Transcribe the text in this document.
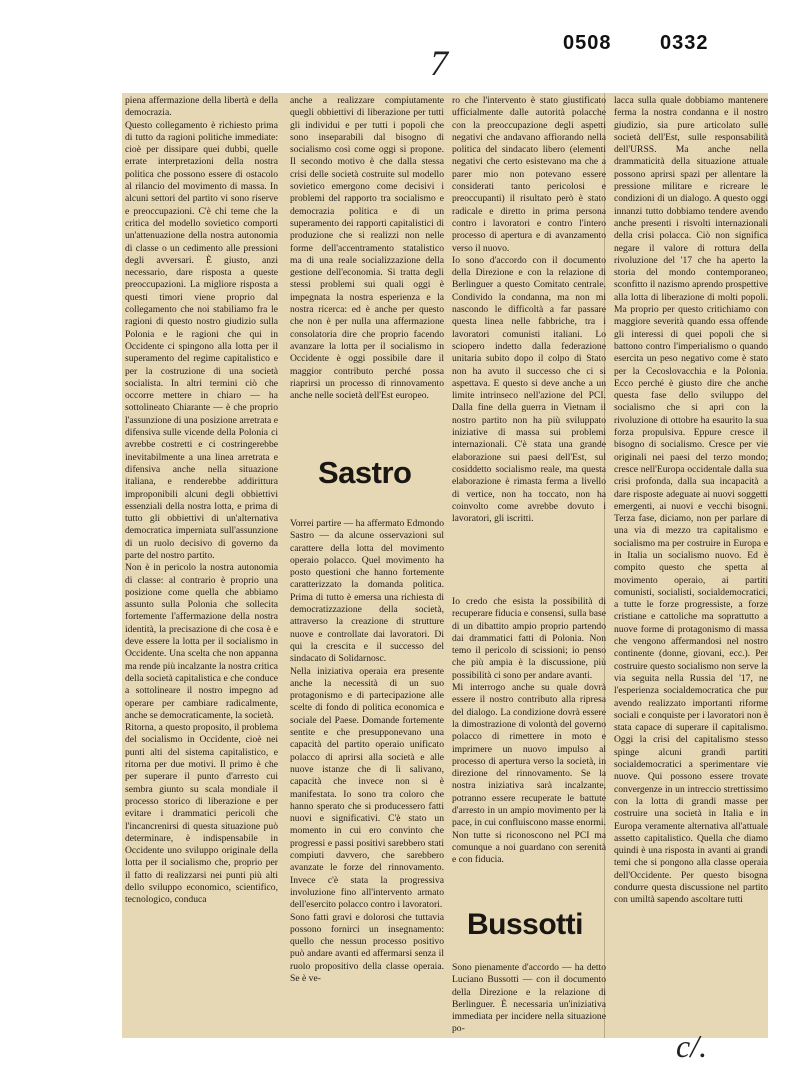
0508 0332
7
c/.

piena affermazione della libertà e della democrazia.
Questo collegamento è richiesto prima di tutto da ragioni politiche immediate: cioè per dissipare quei dubbi, quelle errate interpretazioni della nostra politica che possono essere di ostacolo al rilancio del movimento di massa. In alcuni settori del partito vi sono riserve e preoccupazioni. C'è chi teme che la critica del modello sovietico comporti un'attenuazione della nostra autonomia di classe o un cedimento alle pressioni degli avversari. È giusto, anzi necessario, dare risposta a queste preoccupazioni. La migliore risposta a questi timori viene proprio dal collegamento che noi stabiliamo fra le ragioni di questo nostro giudizio sulla Polonia e le ragioni che qui in Occidente ci spingono alla lotta per il superamento del regime capitalistico e per la costruzione di una società socialista. In altri termini ciò che occorre mettere in chiaro — ha sottolineato Chiarante — è che proprio l'assunzione di una posizione arretrata e difensiva sulle vicende della Polonia ci avrebbe costretti e ci costringerebbe inevitabilmente a una linea arretrata e difensiva anche nella situazione italiana, e renderebbe addirittura improponibili alcuni degli obbiettivi essenziali della nostra lotta, e prima di tutto gli obbiettivi di un'alternativa democratica imperniata sull'assunzione di un ruolo decisivo di governo da parte del nostro partito.
Non è in pericolo la nostra autonomia di classe: al contrario è proprio una posizione come quella che abbiamo assunto sulla Polonia che sollecita fortemente l'affermazione della nostra identità, la precisazione di che cosa è e deve essere la lotta per il socialismo in Occidente. Una scelta che non appanna ma rende più incalzante la nostra critica della società capitalistica e che conduce a sottolineare il nostro impegno ad operare per cambiare radicalmente, anche se democraticamente, la società.
Ritorna, a questo proposito, il problema del socialismo in Occidente, cioè nei punti alti del sistema capitalistico, e ritorna per due motivi. Il primo è che per superare il punto d'arresto cui sembra giunto su scala mondiale il processo storico di liberazione e per evitare i drammatici pericoli che l'incancrenirsi di questa situazione può determinare, è indispensabile in Occidente uno sviluppo originale della lotta per il socialismo che, proprio per il fatto di realizzarsi nei punti più alti dello sviluppo economico, scientifico, tecnologico, conduca

anche a realizzare compiutamente quegli obbiettivi di liberazione per tutti gli individui e per tutti i popoli che sono inseparabili dal bisogno di socialismo così come oggi si propone. Il secondo motivo è che dalla stessa crisi delle società costruite sul modello sovietico emergono come decisivi i problemi del rapporto tra socialismo e democrazia politica e di un superamento dei rapporti capitalistici di produzione che si realizzi non nelle forme dell'accentramento statalistico ma di una reale socializzazione della gestione dell'economia. Si tratta degli stessi problemi sui quali oggi è impegnata la nostra esperienza e la nostra ricerca: ed è anche per questo che non è per nulla una affermazione consolatoria dire che proprio facendo avanzare la lotta per il socialismo in Occidente è oggi possibile dare il maggior contributo perché possa riaprirsi un processo di rinnovamento anche nelle società dell'Est europeo.

Sastro

Vorrei partire — ha affermato Edmondo Sastro — da alcune osservazioni sul carattere della lotta del movimento operaio polacco. Quel movimento ha posto questioni che hanno fortemente caratterizzato la domanda politica. Prima di tutto è emersa una richiesta di democratizzazione della società, attraverso la creazione di strutture nuove e controllate dai lavoratori. Di qui la crescita e il successo del sindacato di Solidarnosc.
Nella iniziativa operaia era presente anche la necessità di un suo protagonismo e di partecipazione alle scelte di fondo di politica economica e sociale del Paese. Domande fortemente sentite e che presupponevano una capacità del partito operaio unificato polacco di aprirsi alla società e alle nuove istanze che di lì salivano, capacità che invece non si è manifestata. Io sono tra coloro che hanno sperato che si producessero fatti nuovi e significativi. C'è stato un momento in cui ero convinto che progressi e passi positivi sarebbero stati compiuti davvero, che sarebbero avanzate le forze del rinnovamento. Invece c'è stata la progressiva involuzione fino all'intervento armato dell'esercito polacco contro i lavoratori.
Sono fatti gravi e dolorosi che tuttavia possono fornirci un insegnamento: quello che nessun processo positivo può andare avanti ed affermarsi senza il ruolo propositivo della classe operaia. Se è ve-

ro che l'intervento è stato giustificato ufficialmente dalle autorità polacche con la preoccupazione degli aspetti negativi che andavano affiorando nella politica del sindacato libero (elementi negativi che certo esistevano ma che a parer mio non potevano essere considerati tanto pericolosi e preoccupanti) il risultato però è stato radicale e diretto in prima persona contro i lavoratori e contro l'intero processo di apertura e di avanzamento verso il nuovo.
Io sono d'accordo con il documento della Direzione e con la relazione di Berlinguer a questo Comitato centrale. Condivido la condanna, ma non mi nascondo le difficoltà a far passare questa linea nelle fabbriche, tra i lavoratori comunisti italiani. Lo sciopero indetto dalla federazione unitaria subito dopo il colpo di Stato non ha avuto il successo che ci si aspettava. E questo si deve anche a un limite intrinseco nell'azione del PCI. Dalla fine della guerra in Vietnam il nostro partito non ha più sviluppato iniziative di massa sui problemi internazionali. C'è stata una grande elaborazione sui paesi dell'Est, sul cosiddetto socialismo reale, ma questa elaborazione è rimasta ferma a livello di vertice, non ha toccato, non ha coinvolto come avrebbe dovuto i lavoratori, gli iscritti.

Io credo che esista la possibilità di recuperare fiducia e consensi, sulla base di un dibattito ampio proprio partendo dai drammatici fatti di Polonia. Non temo il pericolo di scissioni; io penso che più ampia è la discussione, più possibilità ci sono per andare avanti.
Mi interrogo anche su quale dovrà essere il nostro contributo alla ripresa del dialogo. La condizione dovrà essere la dimostrazione di volontà del governo polacco di rimettere in moto e imprimere un nuovo impulso al processo di apertura verso la società, in direzione del rinnovamento. Se la nostra iniziativa sarà incalzante, potranno essere recuperate le battute d'arresto in un ampio movimento per la pace, in cui confluiscono masse enormi. Non tutte si riconoscono nel PCI ma comunque a noi guardano con serenità e con fiducia.

Bussotti

Sono pienamente d'accordo — ha detto Luciano Bussotti — con il documento della Direzione e la relazione di Berlinguer. È necessaria un'iniziativa immediata per incidere nella situazione po-

lacca sulla quale dobbiamo mantenere ferma la nostra condanna e il nostro giudizio, sia pure articolato sulle società dell'Est, sulle responsabilità dell'URSS. Ma anche nella drammaticità della situazione attuale possono aprirsi spazi per allentare la pressione militare e ricreare le condizioni di un dialogo. A questo oggi innanzi tutto dobbiamo tendere avendo anche presenti i risvolti internazionali della crisi polacca. Ciò non significa negare il valore di rottura della rivoluzione del '17 che ha aperto la storia del mondo contemporaneo, sconfitto il nazismo aprendo prospettive alla lotta di liberazione di molti popoli. Ma proprio per questo critichiamo con maggiore severità quando essa offende gli interessi di quei popoli che si battono contro l'imperialismo o quando esercita un peso negativo come è stato per la Cecoslovacchia e la Polonia. Ecco perché è giusto dire che anche questa fase dello sviluppo del socialismo che si aprì con la rivoluzione di ottobre ha esaurito la sua forza propulsiva. Eppure cresce il bisogno di socialismo. Cresce per vie originali nei paesi del terzo mondo; cresce nell'Europa occidentale dalla sua crisi profonda, dalla sua incapacità a dare risposte adeguate ai nuovi soggetti emergenti, ai nuovi e vecchi bisogni. Terza fase, diciamo, non per parlare di una via di mezzo tra capitalismo e socialismo ma per costruire in Europa e in Italia un socialismo nuovo. Ed è compito questo che spetta al movimento operaio, ai partiti comunisti, socialisti, socialdemocratici, a tutte le forze progressiste, a forze cristiane e cattoliche ma soprattutto a nuove forme di protagonismo di massa che vengono affermandosi nel nostro continente (donne, giovani, ecc.). Per costruire questo socialismo non serve la via seguita nella Russia del '17, ne l'esperienza socialdemocratica che pur avendo realizzato importanti riforme sociali e conquiste per i lavoratori non è stata capace di superare il capitalismo. Oggi la crisi del capitalismo stesso spinge alcuni grandi partiti socialdemocratici a sperimentare vie nuove. Qui possono essere trovate convergenze in un intreccio strettissimo con la lotta di grandi masse per costruire una società in Italia e in Europa veramente alternativa all'attuale assetto capitalistico. Quella che diamo quindi è una risposta in avanti ai grandi temi che si pongono alla classe operaia dell'Occidente. Per questo bisogna condurre questa discussione nel partito con umiltà sapendo ascoltare tutti
